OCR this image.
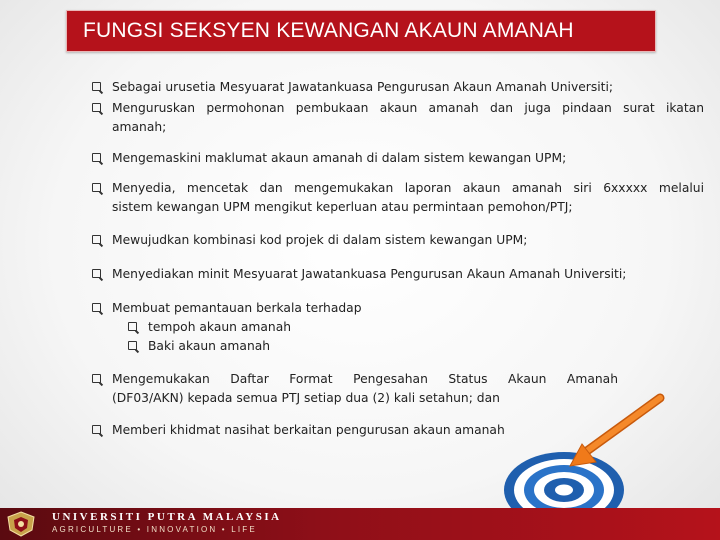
FUNGSI SEKSYEN KEWANGAN AKAUN AMANAH
Sebagai urusetia Mesyuarat Jawatankuasa Pengurusan Akaun Amanah Universiti;
Menguruskan permohonan pembukaan akaun amanah dan juga pindaan surat ikatan
amanah;
Mengemaskini maklumat akaun amanah di dalam sistem kewangan UPM;
Menyedia, mencetak dan mengemukakan laporan akaun amanah siri 6xxxxx melalui
sistem kewangan UPM mengikut keperluan atau permintaan pemohon/PTJ;
Mewujudkan kombinasi kod projek di dalam sistem kewangan UPM;
Menyediakan minit Mesyuarat Jawatankuasa Pengurusan Akaun Amanah Universiti;
Membuat pemantauan berkala terhadap
tempoh akaun amanah
Baki akaun amanah
Mengemukakan Daftar Format Pengesahan Status Akaun Amanah
(DF03/AKN) kepada semua PTJ setiap dua (2) kali setahun; dan
Memberi khidmat nasihat berkaitan pengurusan akaun amanah
UNIVERSITI PUTRA MALAYSIA
AGRICULTURE • INNOVATION • LIFE
